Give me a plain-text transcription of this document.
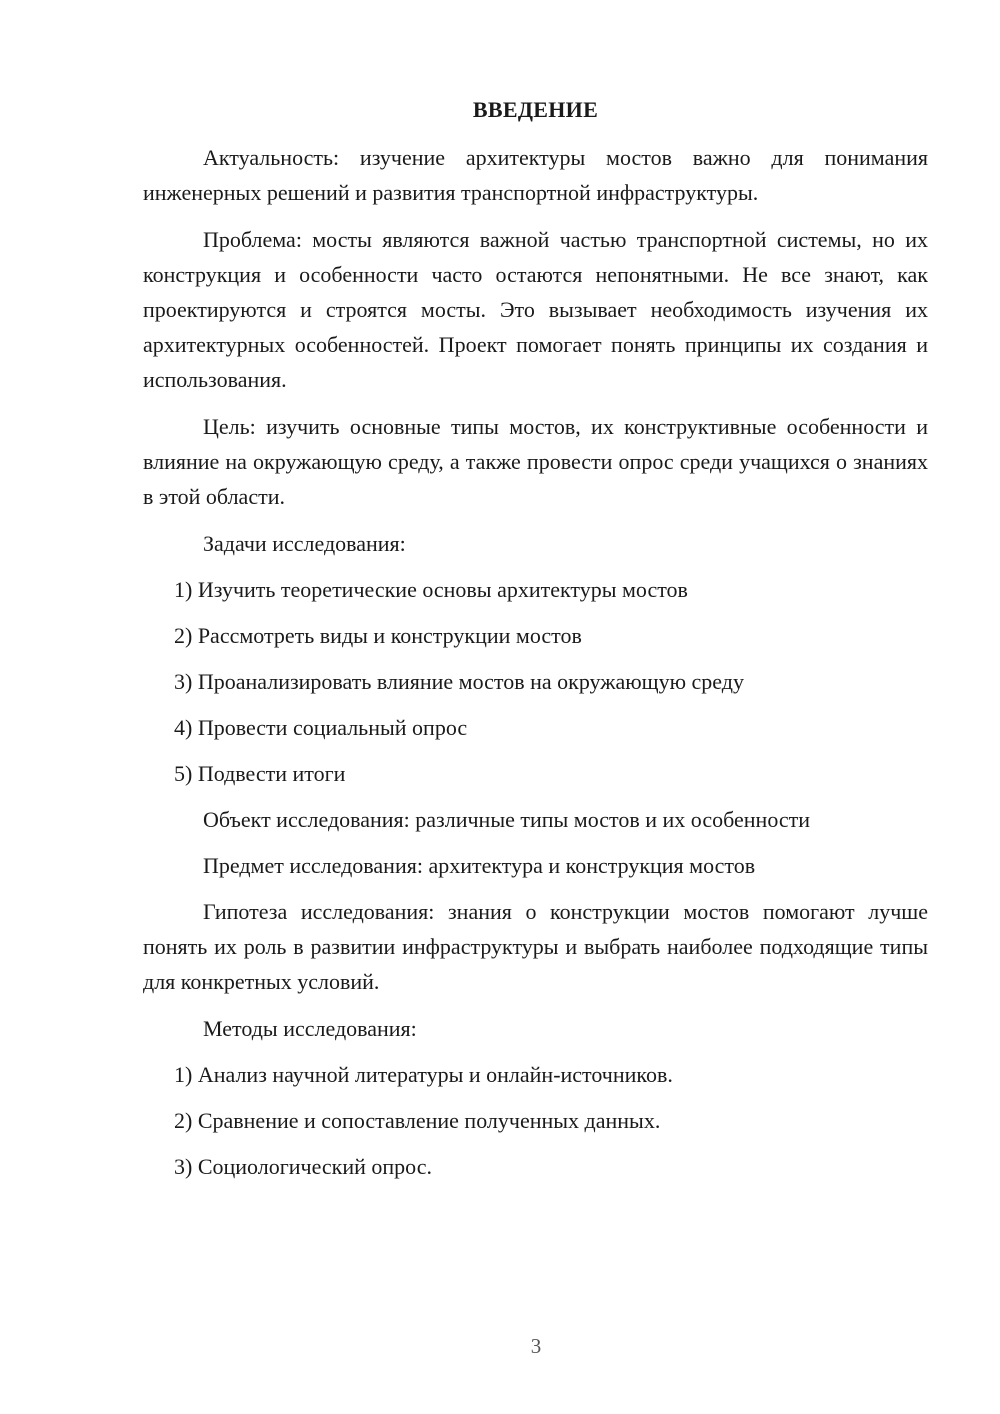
ВВЕДЕНИЕ

Актуальность: изучение архитектуры мостов важно для понимания инженерных решений и развития транспортной инфраструктуры.

Проблема: мосты являются важной частью транспортной системы, но их конструкция и особенности часто остаются непонятными. Не все знают, как проектируются и строятся мосты. Это вызывает необходимость изучения их архитектурных особенностей. Проект помогает понять принципы их создания и использования.

Цель: изучить основные типы мостов, их конструктивные особенности и влияние на окружающую среду, а также провести опрос среди учащихся о знаниях в этой области.

Задачи исследования:
1) Изучить теоретические основы архитектуры мостов
2) Рассмотреть виды и конструкции мостов
3) Проанализировать влияние мостов на окружающую среду
4) Провести социальный опрос
5) Подвести итоги
Объект исследования: различные типы мостов и их особенности
Предмет исследования: архитектура и конструкция мостов

Гипотеза исследования: знания о конструкции мостов помогают лучше понять их роль в развитии инфраструктуры и выбрать наиболее подходящие типы для конкретных условий.

Методы исследования:
1) Анализ научной литературы и онлайн-источников.
2) Сравнение и сопоставление полученных данных.
3) Социологический опрос.
3
